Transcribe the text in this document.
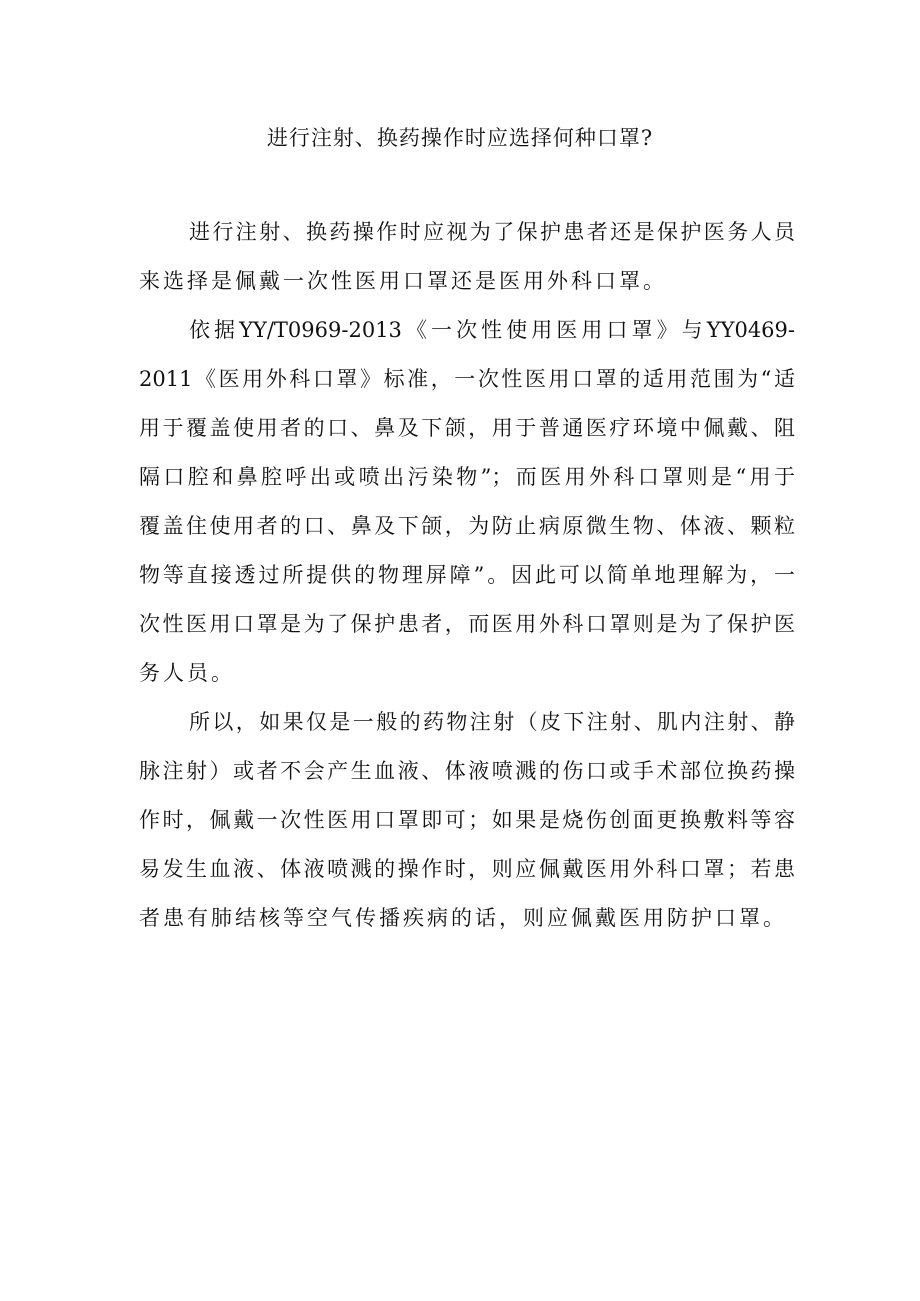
进行注射、换药操作时应选择何种口罩?
进行注射、换药操作时应视为了保护患者还是保护医务人员
来选择是佩戴一次性医用口罩还是医用外科口罩。
依据YY/T0969-2013《一次性使用医用口罩》与YY0469-
2011《医用外科口罩》标准，一次性医用口罩的适用范围为“适
用于覆盖使用者的口、鼻及下颌，用于普通医疗环境中佩戴、阻
隔口腔和鼻腔呼出或喷出污染物”；而医用外科口罩则是“用于
覆盖住使用者的口、鼻及下颌，为防止病原微生物、体液、颗粒
物等直接透过所提供的物理屏障”。因此可以简单地理解为，一
次性医用口罩是为了保护患者，而医用外科口罩则是为了保护医
务人员。
所以，如果仅是一般的药物注射（皮下注射、肌内注射、静
脉注射）或者不会产生血液、体液喷溅的伤口或手术部位换药操
作时，佩戴一次性医用口罩即可；如果是烧伤创面更换敷料等容
易发生血液、体液喷溅的操作时，则应佩戴医用外科口罩；若患
者患有肺结核等空气传播疾病的话，则应佩戴医用防护口罩。
